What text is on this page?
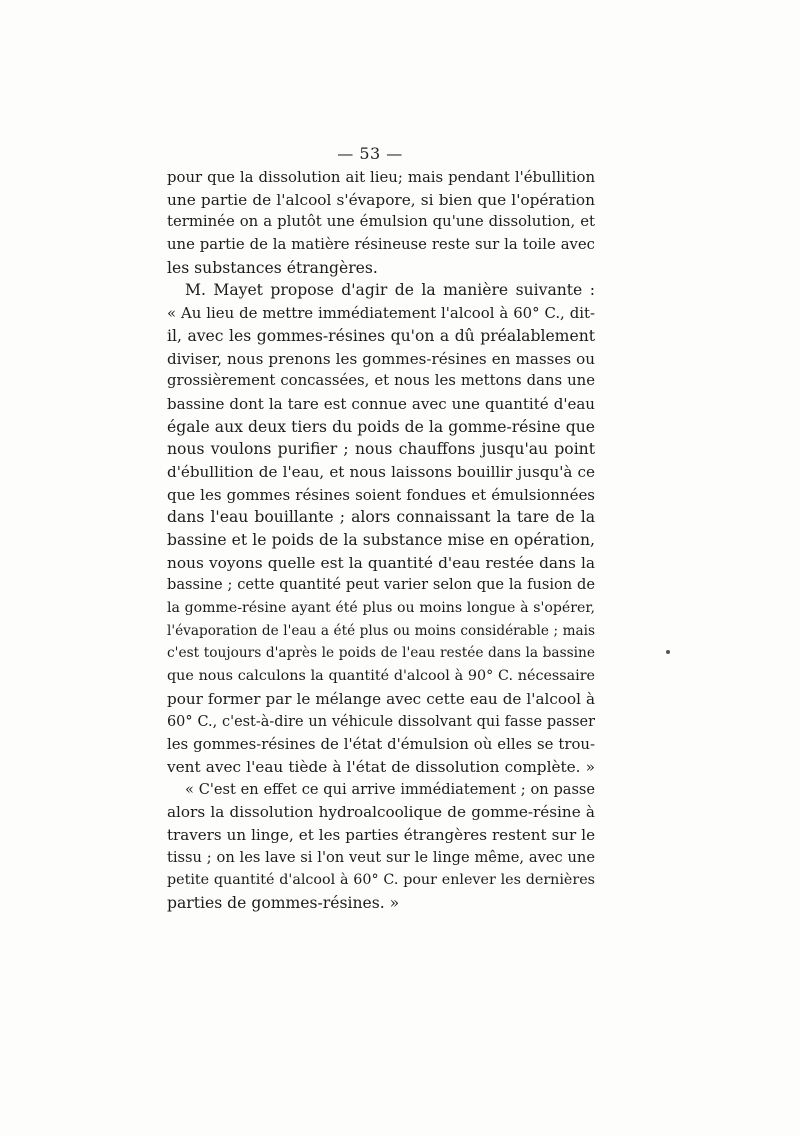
— 53 —
pour que la dissolution ait lieu; mais pendant l'ébullition
une partie de l'alcool s'évapore, si bien que l'opération
terminée on a plutôt une émulsion qu'une dissolution, et
une partie de la matière résineuse reste sur la toile avec
les substances étrangères.
M. Mayet propose d'agir de la manière suivante :
« Au lieu de mettre immédiatement l'alcool à 60° C., dit-
il, avec les gommes-résines qu'on a dû préalablement
diviser, nous prenons les gommes-résines en masses ou
grossièrement concassées, et nous les mettons dans une
bassine dont la tare est connue avec une quantité d'eau
égale aux deux tiers du poids de la gomme-résine que
nous voulons purifier ; nous chauffons jusqu'au point
d'ébullition de l'eau, et nous laissons bouillir jusqu'à ce
que les gommes résines soient fondues et émulsionnées
dans l'eau bouillante ; alors connaissant la tare de la
bassine et le poids de la substance mise en opération,
nous voyons quelle est la quantité d'eau restée dans la
bassine ; cette quantité peut varier selon que la fusion de
la gomme-résine ayant été plus ou moins longue à s'opérer,
l'évaporation de l'eau a été plus ou moins considérable ; mais
c'est toujours d'après le poids de l'eau restée dans la bassine
que nous calculons la quantité d'alcool à 90° C. nécessaire
pour former par le mélange avec cette eau de l'alcool à
60° C., c'est-à-dire un véhicule dissolvant qui fasse passer
les gommes-résines de l'état d'émulsion où elles se trou-
vent avec l'eau tiède à l'état de dissolution complète. »
« C'est en effet ce qui arrive immédiatement ; on passe
alors la dissolution hydroalcoolique de gomme-résine à
travers un linge, et les parties étrangères restent sur le
tissu ; on les lave si l'on veut sur le linge même, avec une
petite quantité d'alcool à 60° C. pour enlever les dernières
parties de gommes-résines. »
